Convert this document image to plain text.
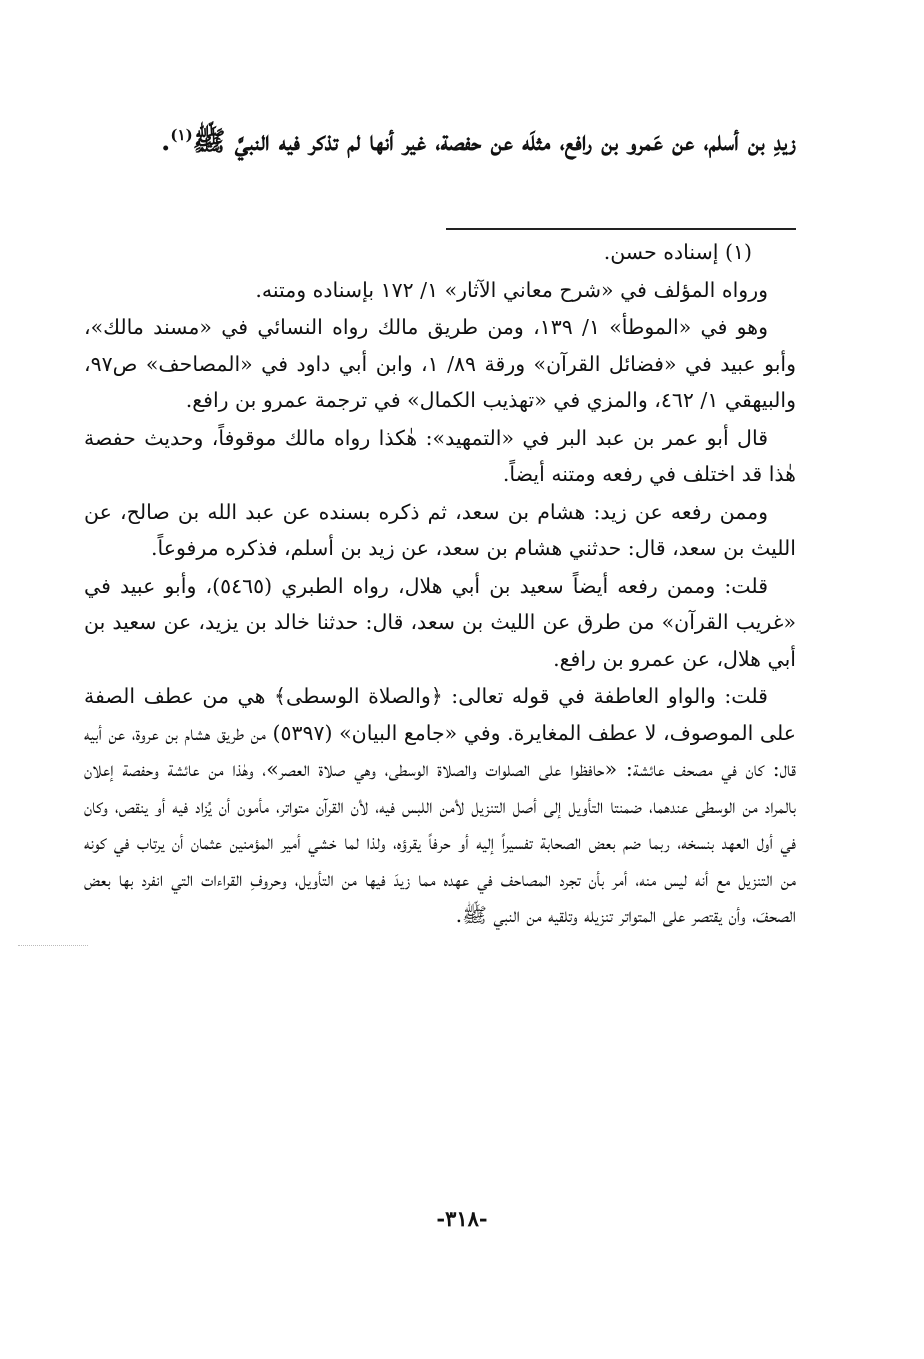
زيدِ بن أسلم، عن عَمرو بن رافع، مثلَه عن حفصة، غير أنها لم تذكر فيه النبيَّ ﷺ$^{(١)}$.

(١) إسناده حسن.

ورواه المؤلف في «شرح معاني الآثار» ١/ ١٧٢ بإسناده ومتنه.

وهو في «الموطأ» ١/ ١٣٩، ومن طريق مالك رواه النسائي في «مسند مالك»، وأبو عبيد في «فضائل القرآن» ورقة ٨٩/ ١، وابن أبي داود في «المصاحف» ص٩٧، والبيهقي ١/ ٤٦٢، والمزي في «تهذيب الكمال» في ترجمة عمرو بن رافع.

قال أبو عمر بن عبد البر في «التمهيد»: هٰكذا رواه مالك موقوفاً، وحديث حفصة هٰذا قد اختلف في رفعه ومتنه أيضاً.

وممن رفعه عن زيد: هشام بن سعد، ثم ذكره بسنده عن عبد الله بن صالح، عن الليث بن سعد، قال: حدثني هشام بن سعد، عن زيد بن أسلم، فذكره مرفوعاً.

قلت: وممن رفعه أيضاً سعيد بن أبي هلال، رواه الطبري (٥٤٦٥)، وأبو عبيد في «غريب القرآن» من طرق عن الليث بن سعد، قال: حدثنا خالد بن يزيد، عن سعيد بن أبي هلال، عن عمرو بن رافع.

قلت: والواو العاطفة في قوله تعالى: ﴿والصلاة الوسطى﴾ هي من عطف الصفة على الموصوف، لا عطف المغايرة. وفي «جامع البيان» (٥٣٩٧) من طريق هشام بن عروة، عن أبيه قال: كان في مصحف عائشة: «حافظوا على الصلوات والصلاة الوسطى، وهي صلاة العصر»، وهٰذا من عائشة وحفصة إعلان بالمراد من الوسطى عندهما، ضمنتا التأويل إلى أصل التنزيل لأمن اللبس فيه، لأن القرآن متواتر، مأمون أن يُزاد فيه أو ينقص، وكان في أول العهد بنسخه، ربما ضم بعض الصحابة تفسيراً إليه أو حرفاً يقرؤه، ولذا لما خشي أمير المؤمنين عثمان أن يرتاب في كونه من التنزيل مع أنه ليس منه، أمر بأن تجرد المصاحف في عهده مما زيدَ فيها من التأويل، وحروفِ القراءات التي انفرد بها بعض الصحفَ، وأن يقتصر على المتواتر تنزيله وتلقيه من النبي ﷺ.

-٣١٨-
